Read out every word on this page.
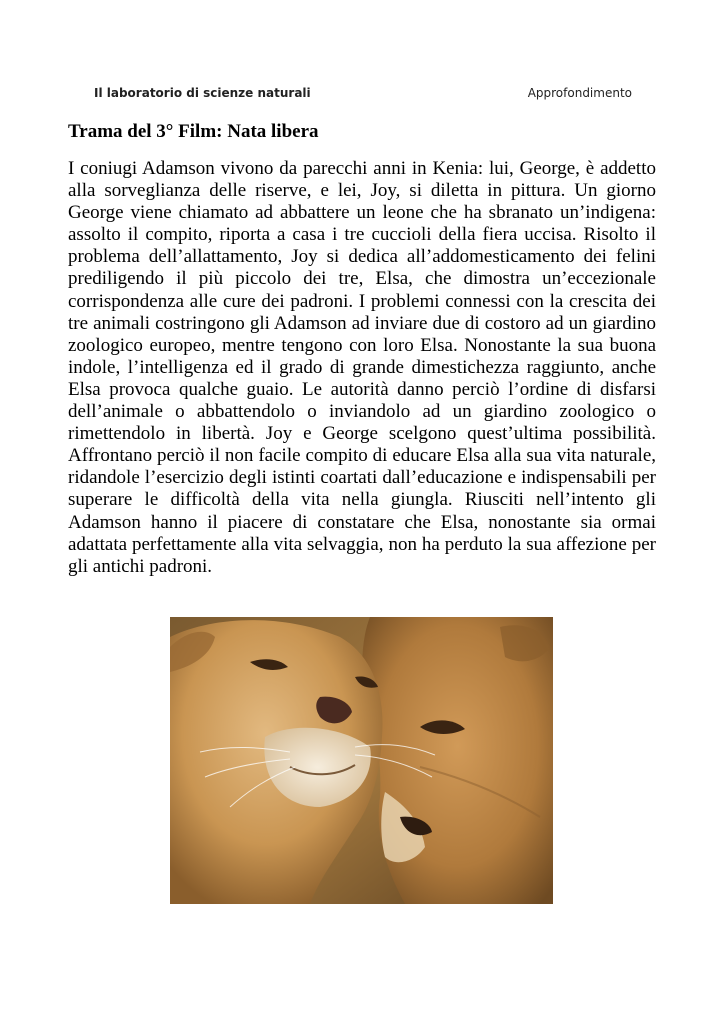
Il laboratorio di scienze naturali	Approfondimento
Trama del 3° Film: Nata libera

I coniugi Adamson vivono da parecchi anni in Kenia: lui, George, è addetto alla sorveglianza delle riserve, e lei, Joy, si diletta in pittura. Un giorno George viene chiamato ad abbattere un leone che ha sbranato un’indigena: assolto il compito, riporta a casa i tre cuccioli della fiera uccisa. Risolto il problema dell’allattamento, Joy si dedica all’addomesticamento dei felini prediligendo il più piccolo dei tre, Elsa, che dimostra un’eccezionale corrispondenza alle cure dei padroni. I problemi connessi con la crescita dei tre animali costringono gli Adamson ad inviare due di costoro ad un giardino zoologico europeo, mentre tengono con loro Elsa. Nonostante la sua buona indole, l’intelligenza ed il grado di grande dimestichezza raggiunto, anche Elsa provoca qualche guaio. Le autorità danno perciò l’ordine di disfarsi dell’animale o abbattendolo o inviandolo ad un giardino zoologico o rimettendolo in libertà. Joy e George scelgono quest’ultima possibilità. Affrontano perciò il non facile compito di educare Elsa alla sua vita naturale, ridandole l’esercizio degli istinti coartati dall’educazione e indispensabili per superare le difficoltà della vita nella giungla. Riusciti nell’intento gli Adamson hanno il piacere di constatare che Elsa, nonostante sia ormai adattata perfettamente alla vita selvaggia, non ha perduto la sua affezione per gli antichi padroni.
